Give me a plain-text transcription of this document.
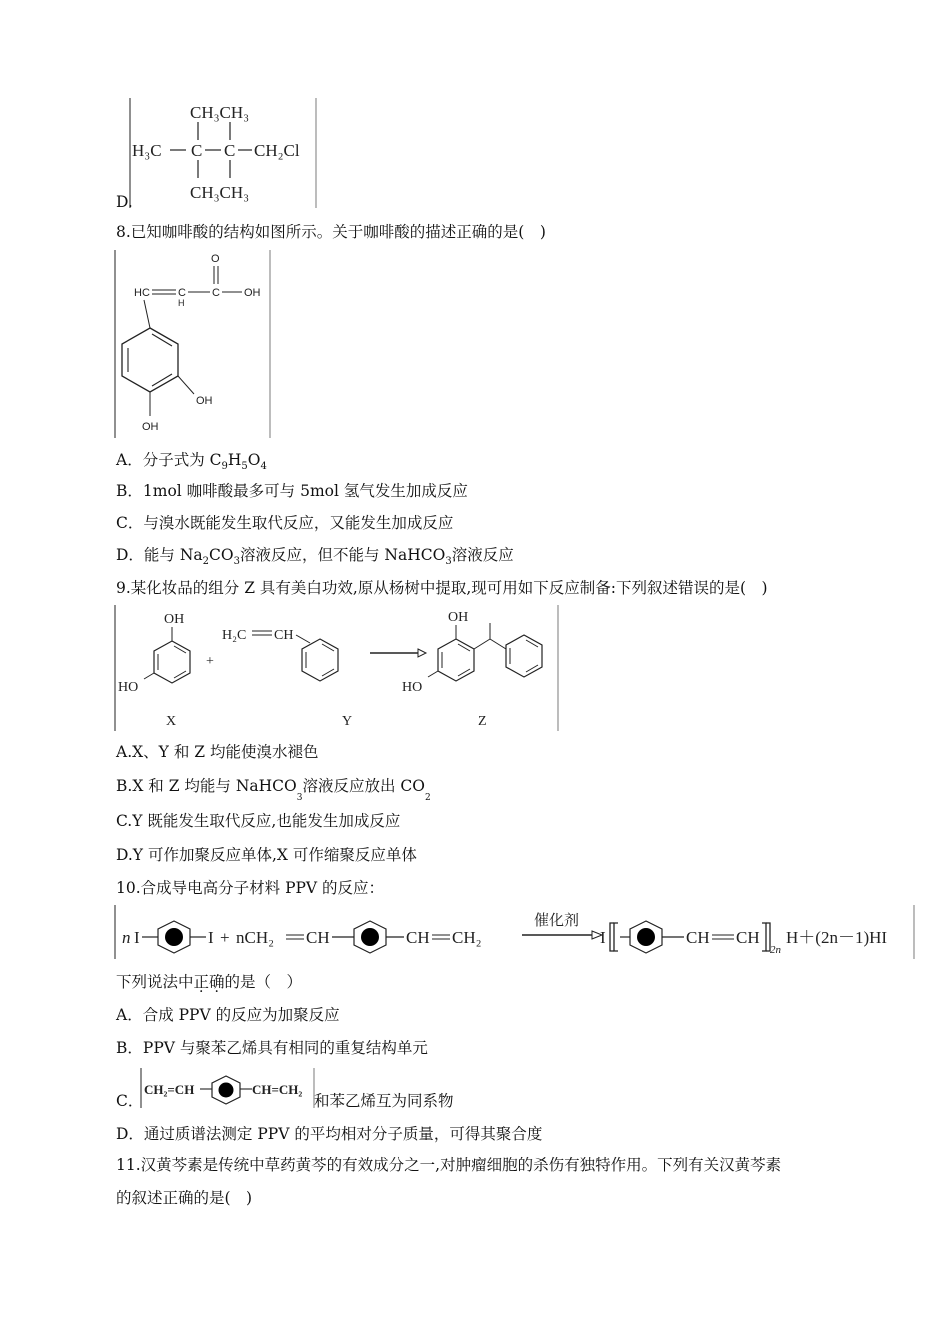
CH₃CH₃
H₃C C C CH₂Cl
CH₃CH₃
D.
8.已知咖啡酸的结构如图所示。关于咖啡酸的描述正确的是(　)
HC	C
H
C
O
OH
OH
OH
A．分子式为 $C_9H_5O_4$
B．1mol 咖啡酸最多可与 5mol 氢气发生加成反应
C．与溴水既能发生取代反应，又能发生加成反应
D．能与 $Na_2CO_3$溶液反应，但不能与 NaHCO$_3$溶液反应
9.某化妆品的组分 Z 具有美白功效,原从杨树中提取,现可用如下反应制备:下列叙述错误的是(　)
OH
HO
X
+
H₂C CH
Y
OH
HO
Z
A.X、Y 和 Z 均能使溴水褪色
B.X 和 Z 均能与 NaHCO$_3$溶液反应放出 $CO_2$
C.Y 既能发生取代反应,也能发生加成反应
D.Y 可作加聚反应单体,X 可作缩聚反应单体
10.合成导电高分子材料 PPV 的反应：
n I	I + nCH₂ CH	CH CH₂
催化剂
I	CH CH
2n
H＋(2n－1)HI
下列说法中正确的是（　）
A．合成 PPV 的反应为加聚反应
B．PPV 与聚苯乙烯具有相同的重复结构单元
C．
CH₂=CH	CH=CH₂
和苯乙烯互为同系物
D．通过质谱法测定 PPV 的平均相对分子质量，可得其聚合度
11.汉黄芩素是传统中草药黄芩的有效成分之一,对肿瘤细胞的杀伤有独特作用。下列有关汉黄芩素
的叙述正确的是(　)
